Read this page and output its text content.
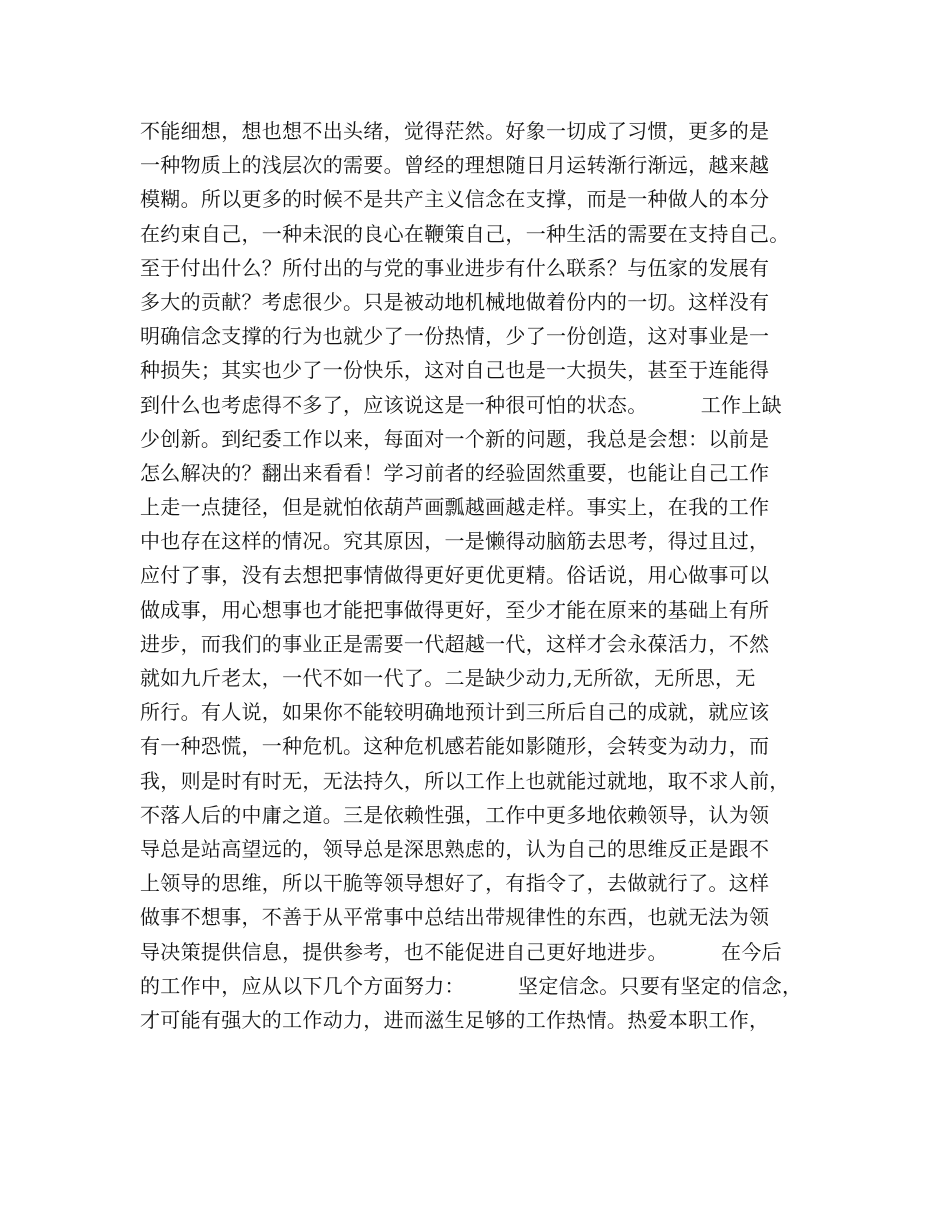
不能细想，想也想不出头绪，觉得茫然。好象一切成了习惯，更多的是
一种物质上的浅层次的需要。曾经的理想随日月运转渐行渐远，越来越
模糊。所以更多的时候不是共产主义信念在支撑，而是一种做人的本分
在约束自己，一种未泯的良心在鞭策自己，一种生活的需要在支持自己。
至于付出什么？所付出的与党的事业进步有什么联系？与伍家的发展有
多大的贡献？考虑很少。只是被动地机械地做着份内的一切。这样没有
明确信念支撑的行为也就少了一份热情，少了一份创造，这对事业是一
种损失；其实也少了一份快乐，这对自己也是一大损失，甚至于连能得
到什么也考虑得不多了，应该说这是一种很可怕的状态。        工作上缺
少创新。到纪委工作以来，每面对一个新的问题，我总是会想：以前是
怎么解决的？翻出来看看！学习前者的经验固然重要，也能让自己工作
上走一点捷径，但是就怕依葫芦画瓢越画越走样。事实上，在我的工作
中也存在这样的情况。究其原因，一是懒得动脑筋去思考，得过且过，
应付了事，没有去想把事情做得更好更优更精。俗话说，用心做事可以
做成事，用心想事也才能把事做得更好，至少才能在原来的基础上有所
进步，而我们的事业正是需要一代超越一代，这样才会永葆活力，不然
就如九斤老太，一代不如一代了。二是缺少动力,无所欲，无所思，无
所行。有人说，如果你不能较明确地预计到三所后自己的成就，就应该
有一种恐慌，一种危机。这种危机感若能如影随形，会转变为动力，而
我，则是时有时无，无法持久，所以工作上也就能过就地，取不求人前，
不落人后的中庸之道。三是依赖性强，工作中更多地依赖领导，认为领
导总是站高望远的，领导总是深思熟虑的，认为自己的思维反正是跟不
上领导的思维，所以干脆等领导想好了，有指令了，去做就行了。这样
做事不想事，不善于从平常事中总结出带规律性的东西，也就无法为领
导决策提供信息，提供参考，也不能促进自己更好地进步。        在今后
的工作中，应从以下几个方面努力：        坚定信念。只要有坚定的信念，
才可能有强大的工作动力，进而滋生足够的工作热情。热爱本职工作，
